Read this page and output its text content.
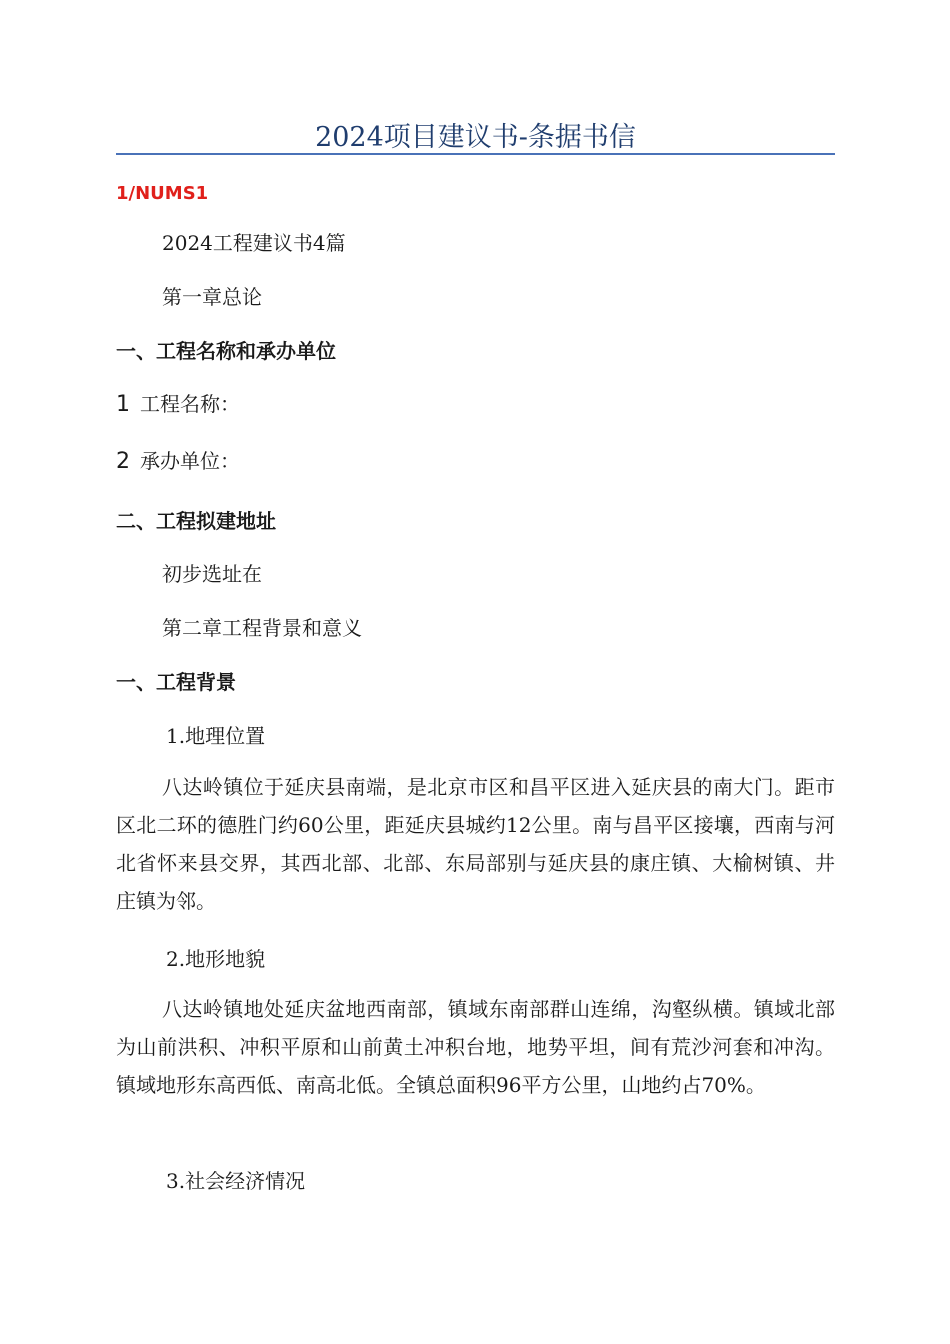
2024项目建议书-条据书信
1/NUMS1
2024工程建议书4篇
第一章总论
一、工程名称和承办单位
1 工程名称：
2 承办单位：
二、工程拟建地址
初步选址在
第二章工程背景和意义
一、工程背景
1.地理位置
八达岭镇位于延庆县南端，是北京市区和昌平区进入延庆县的南大门。距市区北二环的德胜门约60公里，距延庆县城约12公里。南与昌平区接壤，西南与河北省怀来县交界，其西北部、北部、东局部别与延庆县的康庄镇、大榆树镇、井庄镇为邻。
2.地形地貌
八达岭镇地处延庆盆地西南部，镇域东南部群山连绵，沟壑纵横。镇域北部为山前洪积、冲积平原和山前黄土冲积台地，地势平坦，间有荒沙河套和冲沟。镇域地形东高西低、南高北低。全镇总面积96平方公里，山地约占70%。
3.社会经济情况
